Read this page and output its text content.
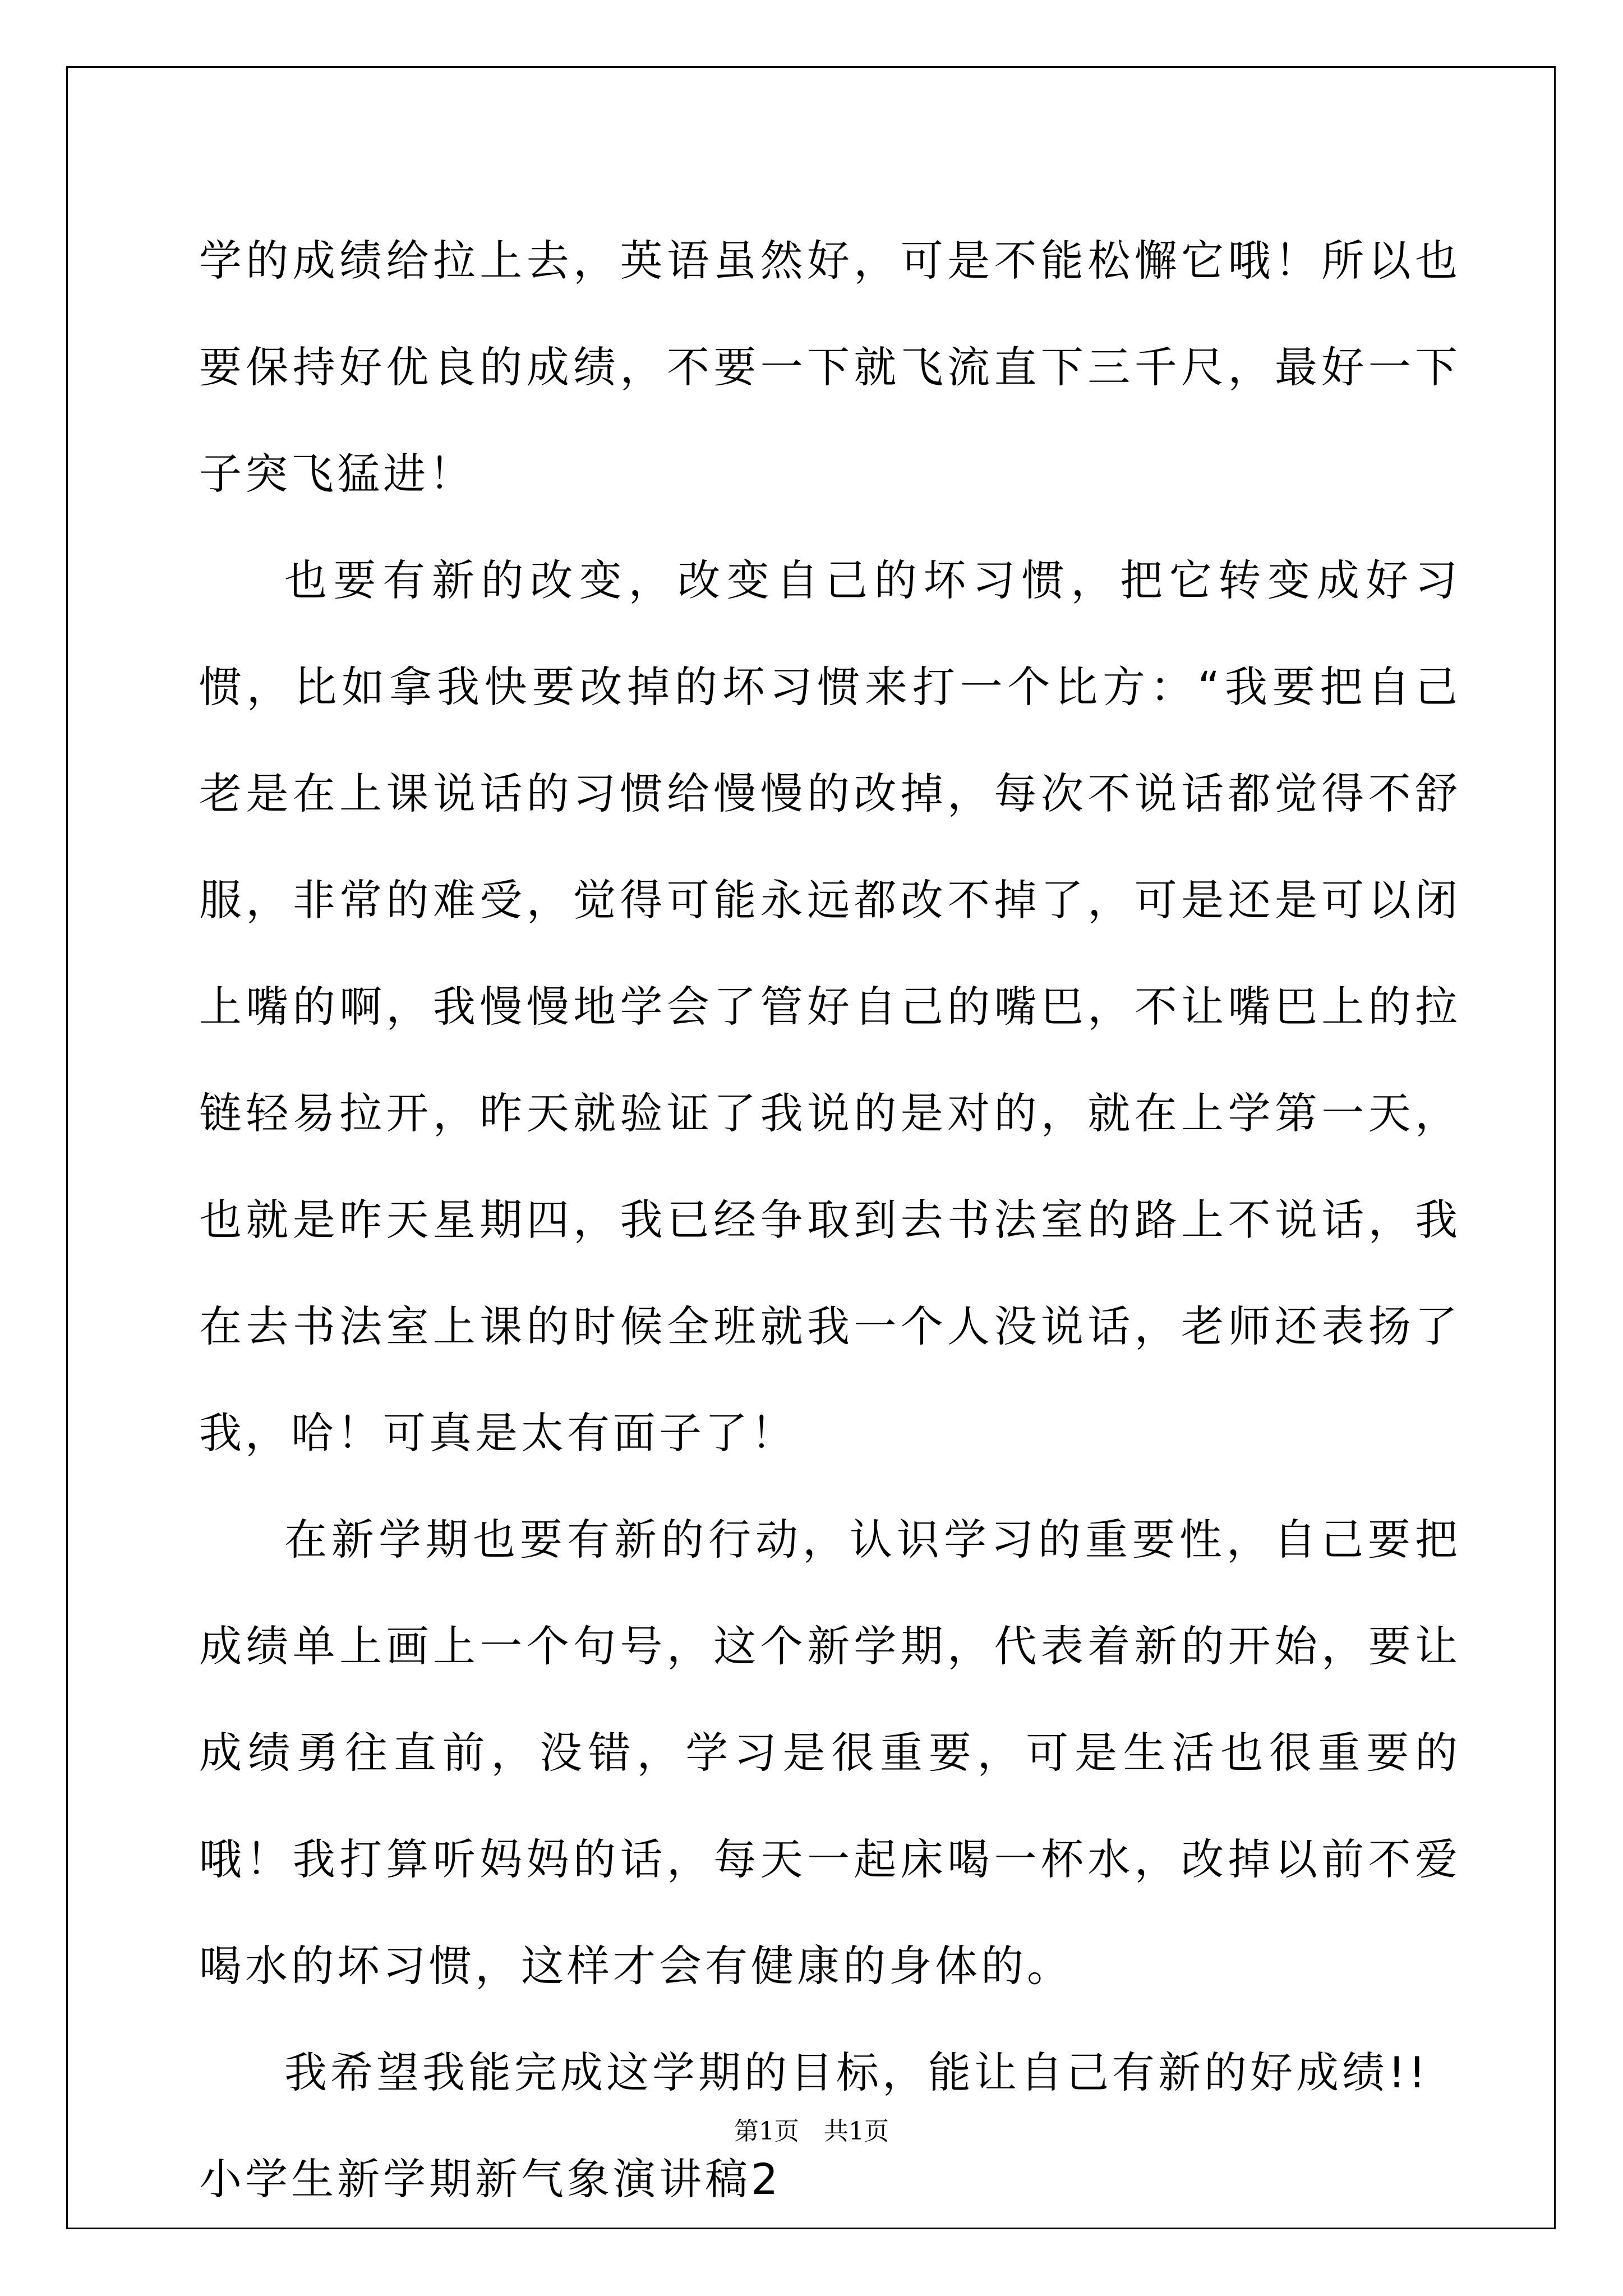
学的成绩给拉上去，英语虽然好，可是不能松懈它哦！所以也要保持好优良的成绩，不要一下就飞流直下三千尺，最好一下子突飞猛进！

也要有新的改变，改变自己的坏习惯，把它转变成好习惯，比如拿我快要改掉的坏习惯来打一个比方：“我要把自己老是在上课说话的习惯给慢慢的改掉，每次不说话都觉得不舒服，非常的难受，觉得可能永远都改不掉了，可是还是可以闭上嘴的啊，我慢慢地学会了管好自己的嘴巴，不让嘴巴上的拉链轻易拉开，昨天就验证了我说的是对的，就在上学第一天，也就是昨天星期四，我已经争取到去书法室的路上不说话，我在去书法室上课的时候全班就我一个人没说话，老师还表扬了我，哈！可真是太有面子了！

在新学期也要有新的行动，认识学习的重要性，自己要把成绩单上画上一个句号，这个新学期，代表着新的开始，要让成绩勇往直前，没错，学习是很重要，可是生活也很重要的哦！我打算听妈妈的话，每天一起床喝一杯水，改掉以前不爱喝水的坏习惯，这样才会有健康的身体的。

我希望我能完成这学期的目标，能让自己有新的好成绩!!

小学生新学期新气象演讲稿2

第1页　共1页
